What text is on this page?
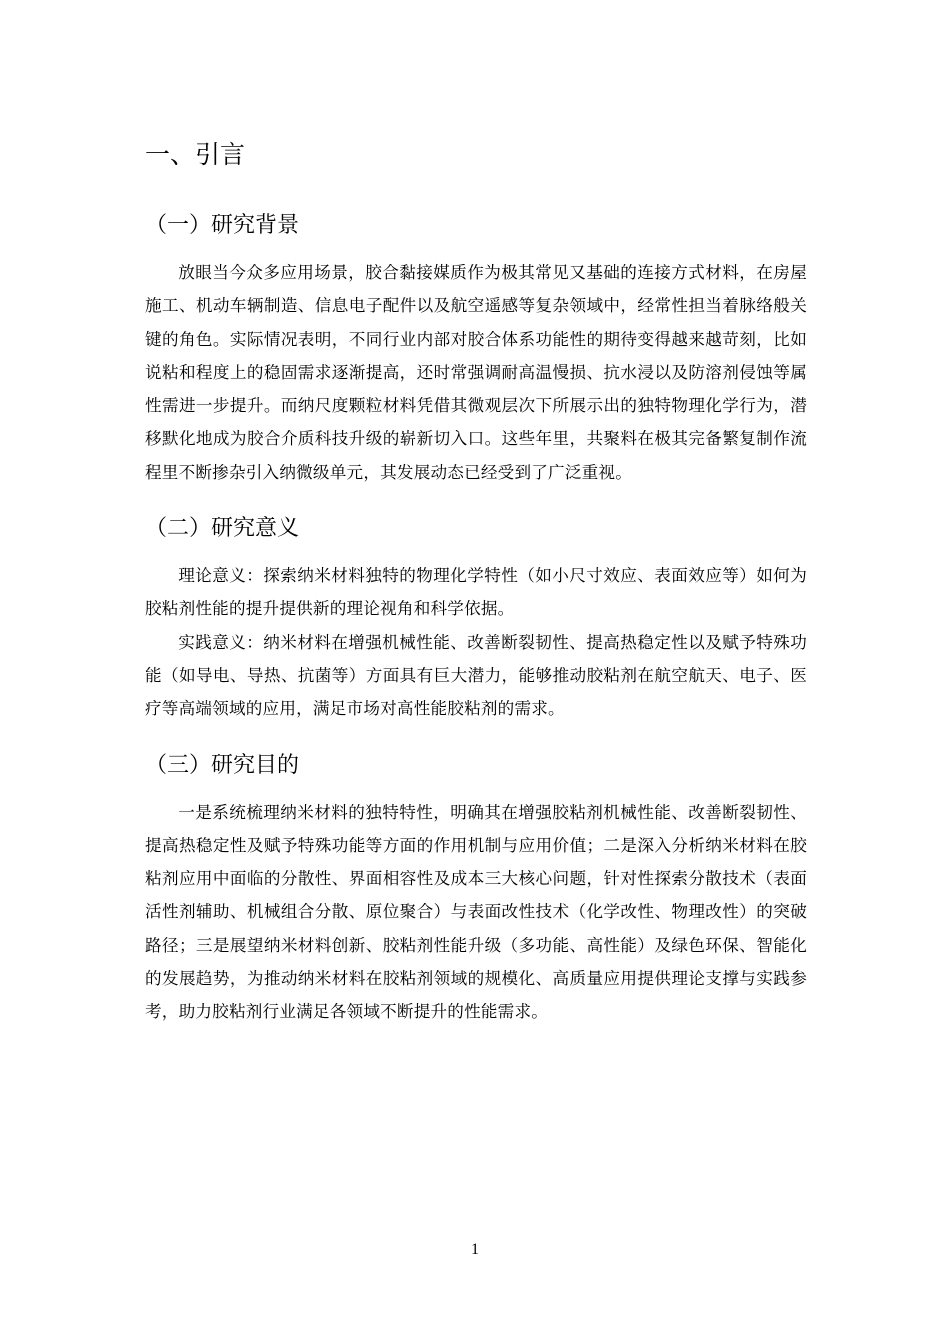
一、引言
（一）研究背景

放眼当今众多应用场景，胶合黏接媒质作为极其常见又基础的连接方式材料，在房屋施工、机动车辆制造、信息电子配件以及航空遥感等复杂领域中，经常性担当着脉络般关键的角色。实际情况表明，不同行业内部对胶合体系功能性的期待变得越来越苛刻，比如说粘和程度上的稳固需求逐渐提高，还时常强调耐高温慢损、抗水浸以及防溶剂侵蚀等属性需进一步提升。而纳尺度颗粒材料凭借其微观层次下所展示出的独特物理化学行为，潜移默化地成为胶合介质科技升级的崭新切入口。这些年里，共聚料在极其完备繁复制作流程里不断掺杂引入纳微级单元，其发展动态已经受到了广泛重视。

（二）研究意义

理论意义：探索纳米材料独特的物理化学特性（如小尺寸效应、表面效应等）如何为胶粘剂性能的提升提供新的理论视角和科学依据。

实践意义：纳米材料在增强机械性能、改善断裂韧性、提高热稳定性以及赋予特殊功能（如导电、导热、抗菌等）方面具有巨大潜力，能够推动胶粘剂在航空航天、电子、医疗等高端领域的应用，满足市场对高性能胶粘剂的需求。

（三）研究目的

一是系统梳理纳米材料的独特特性，明确其在增强胶粘剂机械性能、改善断裂韧性、提高热稳定性及赋予特殊功能等方面的作用机制与应用价值；二是深入分析纳米材料在胶粘剂应用中面临的分散性、界面相容性及成本三大核心问题，针对性探索分散技术（表面活性剂辅助、机械组合分散、原位聚合）与表面改性技术（化学改性、物理改性）的突破路径；三是展望纳米材料创新、胶粘剂性能升级（多功能、高性能）及绿色环保、智能化的发展趋势，为推动纳米材料在胶粘剂领域的规模化、高质量应用提供理论支撑与实践参考，助力胶粘剂行业满足各领域不断提升的性能需求。

1
